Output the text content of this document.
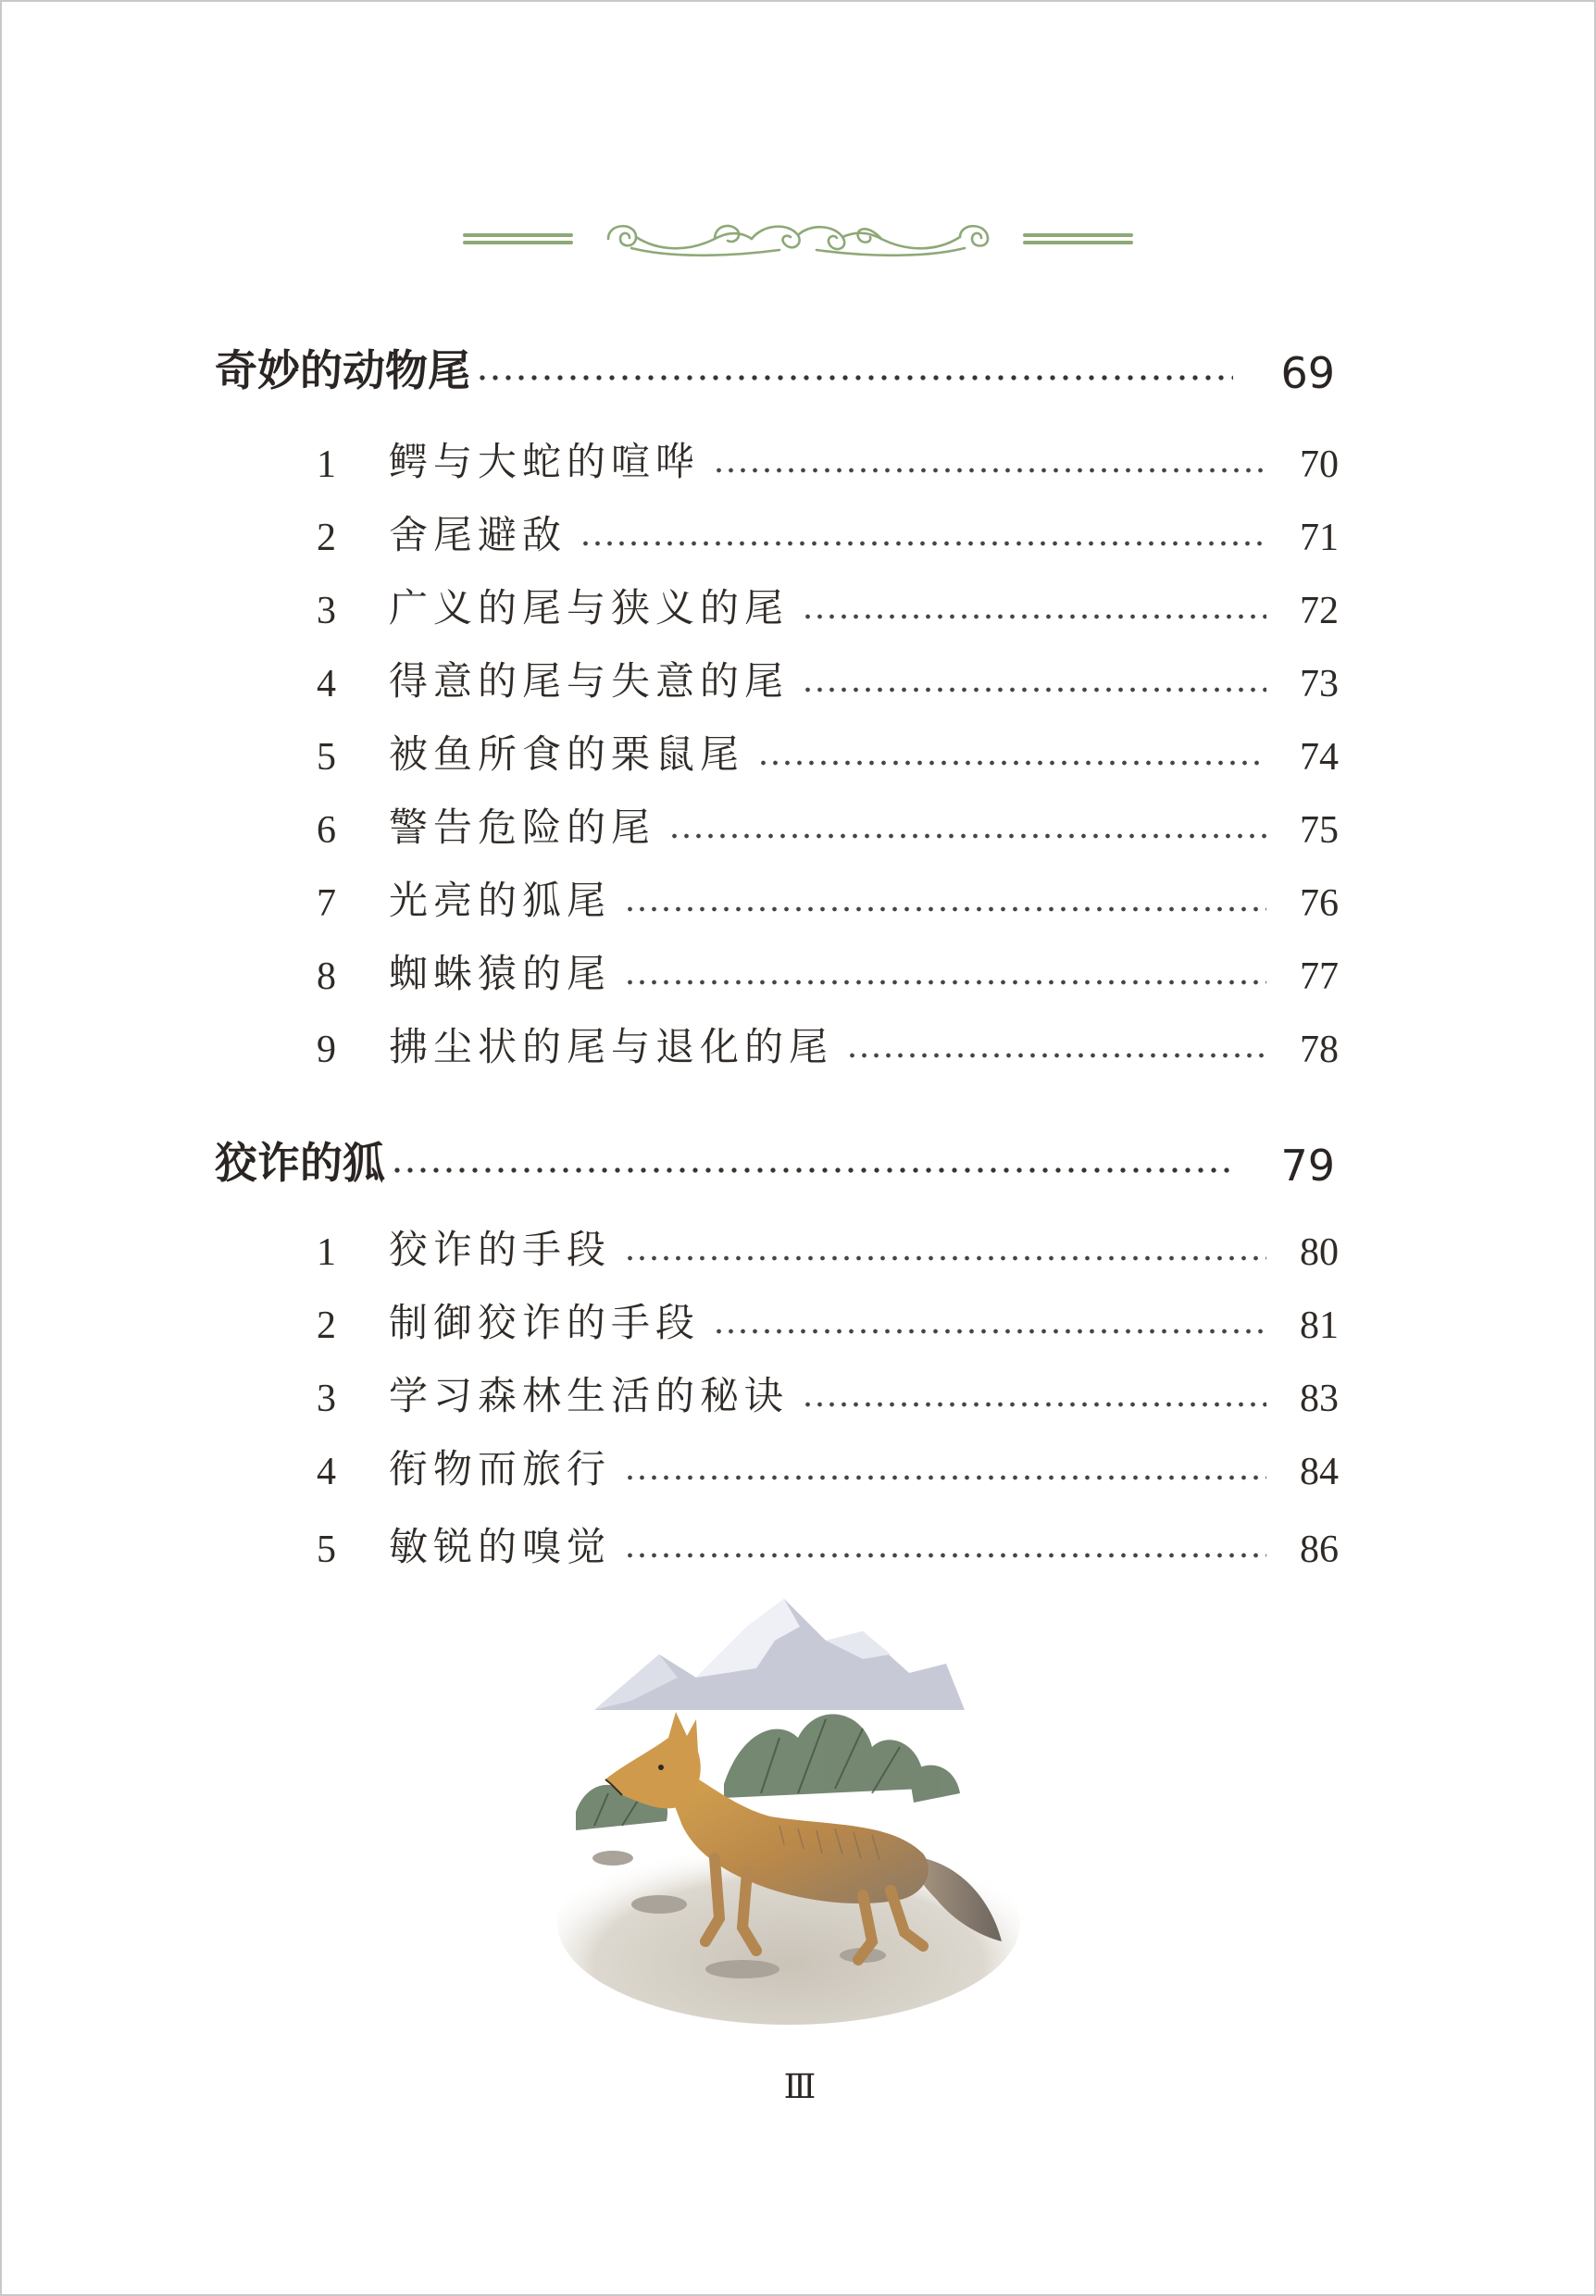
奇妙的动物尾	69
1	鳄与大蛇的喧哗	70
2	舍尾避敌	71
3	广义的尾与狭义的尾	72
4	得意的尾与失意的尾	73
5	被鱼所食的栗鼠尾	74
6	警告危险的尾	75
7	光亮的狐尾	76
8	蜘蛛猿的尾	77
9	拂尘状的尾与退化的尾	78
狡诈的狐	79
1	狡诈的手段	80
2	制御狡诈的手段	81
3	学习森林生活的秘诀	83
4	衔物而旅行	84
5	敏锐的嗅觉	86
Ⅲ
